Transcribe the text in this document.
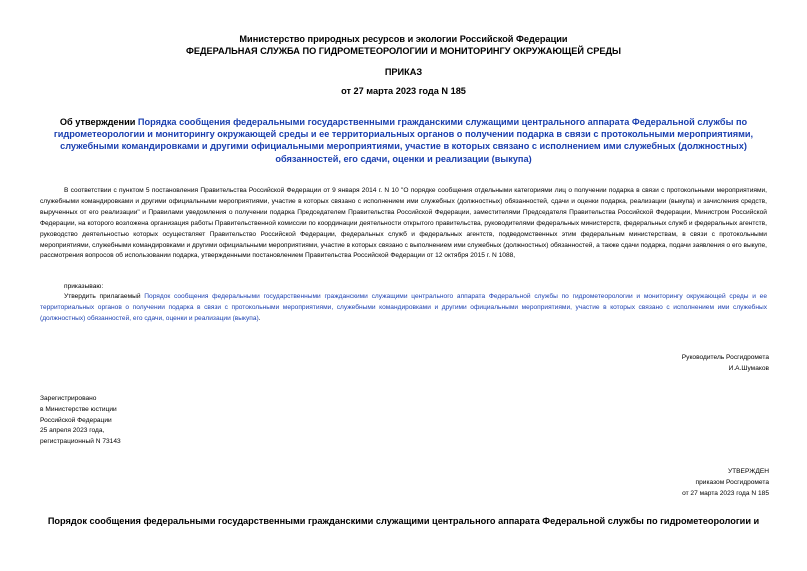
Министерство природных ресурсов и экологии Российской Федерации
ФЕДЕРАЛЬНАЯ СЛУЖБА ПО ГИДРОМЕТЕОРОЛОГИИ И МОНИТОРИНГУ ОКРУЖАЮЩЕЙ СРЕДЫ
ПРИКАЗ
от 27 марта 2023 года N 185
Об утверждении Порядка сообщения федеральными государственными гражданскими служащими центрального аппарата Федеральной службы по гидрометеорологии и мониторингу окружающей среды и ее территориальных органов о получении подарка в связи с протокольными мероприятиями, служебными командировками и другими официальными мероприятиями, участие в которых связано с исполнением ими служебных (должностных) обязанностей, его сдачи, оценки и реализации (выкупа)
В соответствии с пунктом 5 постановления Правительства Российской Федерации от 9 января 2014 г. N 10 "О порядке сообщения отдельными категориями лиц о получении подарка в связи с протокольными мероприятиями, служебными командировками и другими официальными мероприятиями, участие в которых связано с исполнением ими служебных (должностных) обязанностей, сдачи и оценки подарка, реализации (выкупа) и зачисления средств, вырученных от его реализации" и Правилами уведомления о получении подарка Председателем Правительства Российской Федерации, заместителями Председателя Правительства Российской Федерации, Министром Российской Федерации, на которого возложена организация работы Правительственной комиссии по координации деятельности открытого правительства, руководителями федеральных министерств, федеральных служб и федеральных агентств, руководство деятельностью которых осуществляет Правительство Российской Федерации, федеральных служб и федеральных агентств, подведомственных этим федеральным министерствам, в связи с протокольными мероприятиями, служебными командировками и другими официальными мероприятиями, участие в которых связано с выполнением ими служебных (должностных) обязанностей, а также сдачи подарка, подачи заявления о его выкупе, рассмотрения вопросов об использовании подарка, утвержденными постановлением Правительства Российской Федерации от 12 октября 2015 г. N 1088,
приказываю:
Утвердить прилагаемый Порядок сообщения федеральными государственными гражданскими служащими центрального аппарата Федеральной службы по гидрометеорологии и мониторингу окружающей среды и ее территориальных органов о получении подарка в связи с протокольными мероприятиями, служебными командировками и другими официальными мероприятиями, участие в которых связано с исполнением ими служебных (должностных) обязанностей, его сдачи, оценки и реализации (выкупа).
Руководитель Росгидромета
И.А.Шумаков
Зарегистрировано
в Министерстве юстиции
Российской Федерации
25 апреля 2023 года,
регистрационный N 73143
УТВЕРЖДЕН
приказом Росгидромета
от 27 марта 2023 года N 185
Порядок сообщения федеральными государственными гражданскими служащими центрального аппарата Федеральной службы по гидрометеорологии и
